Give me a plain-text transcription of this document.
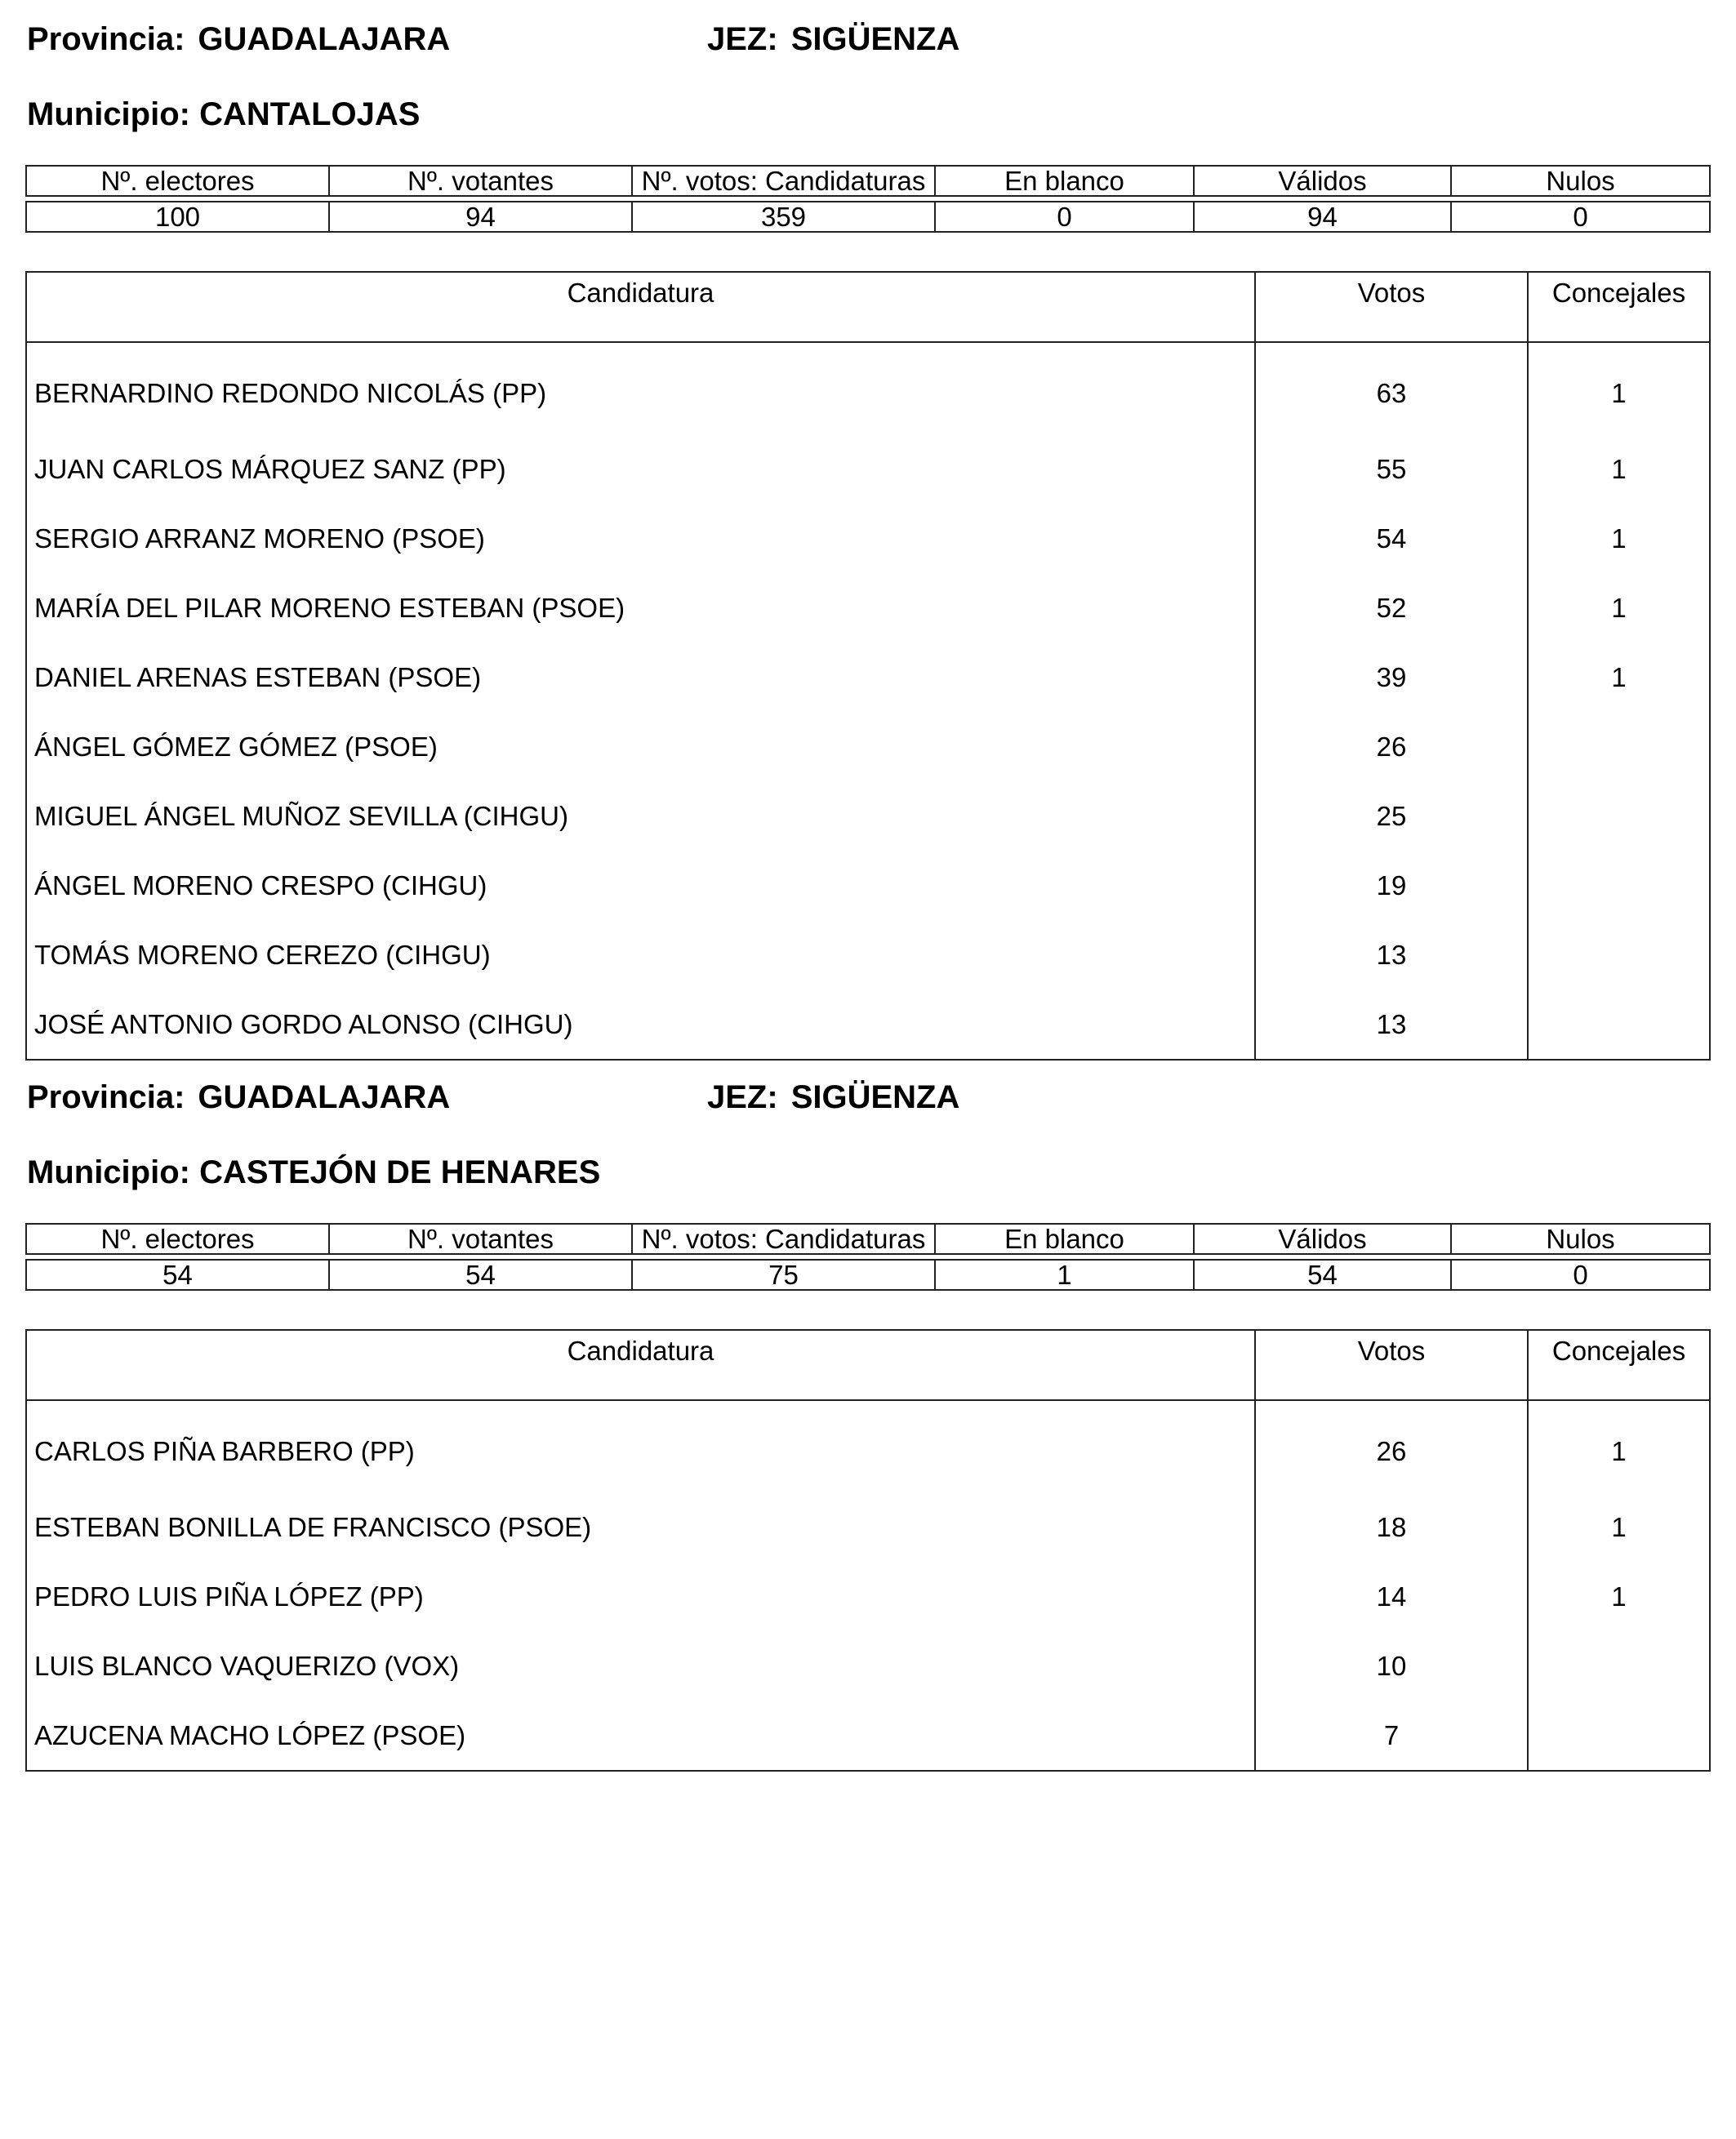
Provincia: GUADALAJARA	JEZ: SIGÜENZA
Municipio: CANTALOJAS
Nº. electores	Nº. votantes	Nº. votos: Candidaturas	En blanco	Válidos	Nulos
100	94	359	0	94	0
Candidatura	Votos	Concejales
BERNARDINO REDONDO NICOLÁS (PP)	63	1
JUAN CARLOS MÁRQUEZ SANZ (PP)	55	1
SERGIO ARRANZ MORENO (PSOE)	54	1
MARÍA DEL PILAR MORENO ESTEBAN (PSOE)	52	1
DANIEL ARENAS ESTEBAN (PSOE)	39	1
ÁNGEL GÓMEZ GÓMEZ (PSOE)	26	
MIGUEL ÁNGEL MUÑOZ SEVILLA (CIHGU)	25	
ÁNGEL MORENO CRESPO (CIHGU)	19	
TOMÁS MORENO CEREZO (CIHGU)	13	
JOSÉ ANTONIO GORDO ALONSO (CIHGU)	13	
Provincia: GUADALAJARA	JEZ: SIGÜENZA
Municipio: CASTEJÓN DE HENARES
Nº. electores	Nº. votantes	Nº. votos: Candidaturas	En blanco	Válidos	Nulos
54	54	75	1	54	0
Candidatura	Votos	Concejales
CARLOS PIÑA BARBERO (PP)	26	1
ESTEBAN BONILLA DE FRANCISCO (PSOE)	18	1
PEDRO LUIS PIÑA LÓPEZ (PP)	14	1
LUIS BLANCO VAQUERIZO (VOX)	10	
AZUCENA MACHO LÓPEZ (PSOE)	7	
